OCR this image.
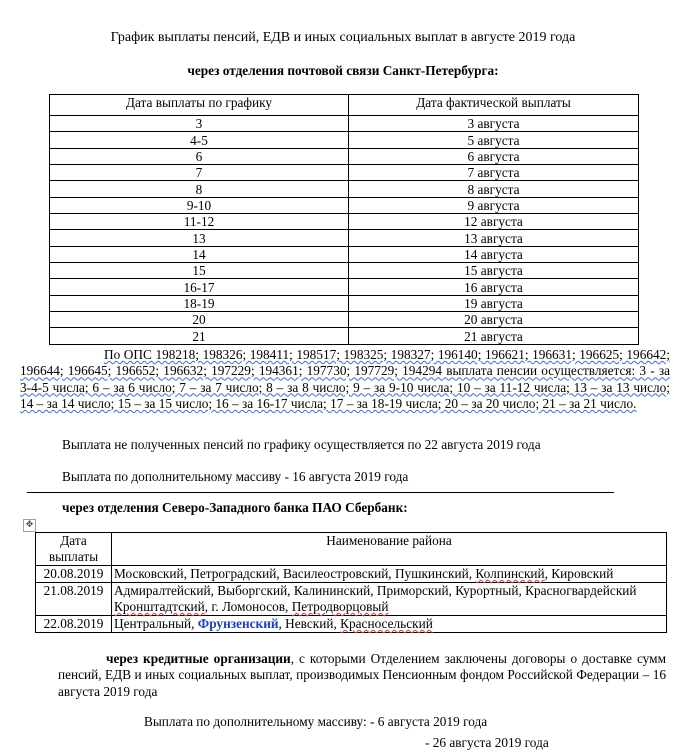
График выплаты пенсий, ЕДВ и иных социальных выплат в августе 2019 года
через отделения почтовой связи Санкт-Петербурга:
Дата выплаты по графику	Дата фактической выплаты
3	3 августа
4-5	5 августа
6	6 августа
7	7 августа
8	8 августа
9-10	9 августа
11-12	12 августа
13	13 августа
14	14 августа
15	15 августа
16-17	16 августа
18-19	19 августа
20	20 августа
21	21 августа
По ОПС 198218; 198326; 198411; 198517; 198325; 198327; 196140; 196621; 196631; 196625; 196642; 196644; 196645; 196652; 196632; 197229; 194361; 197730; 197729; 194294 выплата пенсии осуществляется: 3 - за 3-4-5 числа; 6 – за 6 число; 7 – за 7 число; 8 – за 8 число; 9 – за 9-10 числа; 10 – за 11-12 числа; 13 – за 13 число; 14 – за 14 число; 15 – за 15 число; 16 – за 16-17 числа; 17 – за 18-19 числа; 20 – за 20 число; 21 – за 21 число.
Выплата не полученных пенсий по графику осуществляется по 22 августа 2019 года
Выплата по дополнительному массиву - 16 августа 2019 года
через отделения Северо-Западного банка ПАО Сбербанк:
✥
Дата
выплаты	Наименование района
20.08.2019	Московский, Петроградский, Василеостровский, Пушкинский, Колпинский, Кировский
21.08.2019	Адмиралтейский, Выборгский, Калининский, Приморский, Курортный, Красногвардейский
Кронштадтский, г. Ломоносов, Петродворцовый
22.08.2019	Центральный, Фрунзенский, Невский, Красносельский
через кредитные организации, с которыми Отделением заключены договоры о доставке сумм пенсий, ЕДВ и иных социальных выплат, производимых Пенсионным фондом Российской Федерации – 16 августа 2019 года
Выплата по дополнительному массиву: - 6 августа 2019 года
- 26 августа 2019 года
